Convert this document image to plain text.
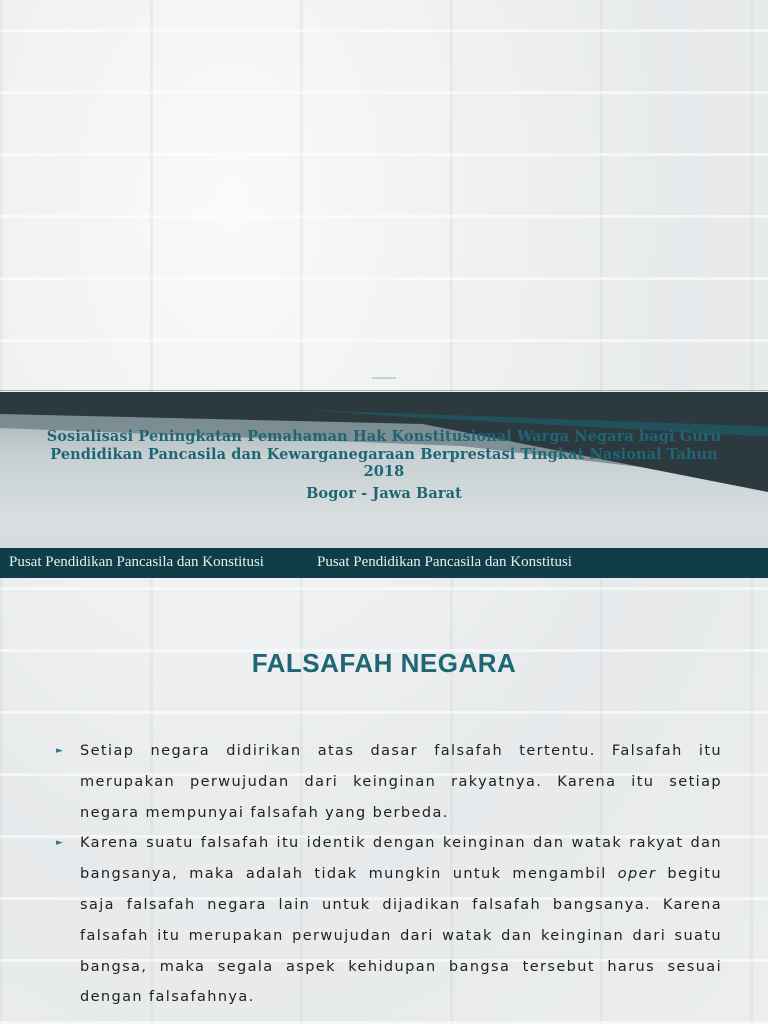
Sosialisasi Peningkatan Pemahaman Hak Konstitusional Warga Negara bagi Guru
Pendidikan Pancasila dan Kewarganegaraan Berprestasi Tingkat Nasional Tahun
2018
Bogor - Jawa Barat
Pusat Pendidikan Pancasila dan Konstitusi	Pusat Pendidikan Pancasila dan Konstitusi
FALSAFAH NEGARA
► Setiap negara didirikan atas dasar falsafah tertentu. Falsafah itu merupakan perwujudan dari keinginan rakyatnya. Karena itu setiap negara mempunyai falsafah yang berbeda.
► Karena suatu falsafah itu identik dengan keinginan dan watak rakyat dan bangsanya, maka adalah tidak mungkin untuk mengambil oper begitu saja falsafah negara lain untuk dijadikan falsafah bangsanya. Karena falsafah itu merupakan perwujudan dari watak dan keinginan dari suatu bangsa, maka segala aspek kehidupan bangsa tersebut harus sesuai dengan falsafahnya.
